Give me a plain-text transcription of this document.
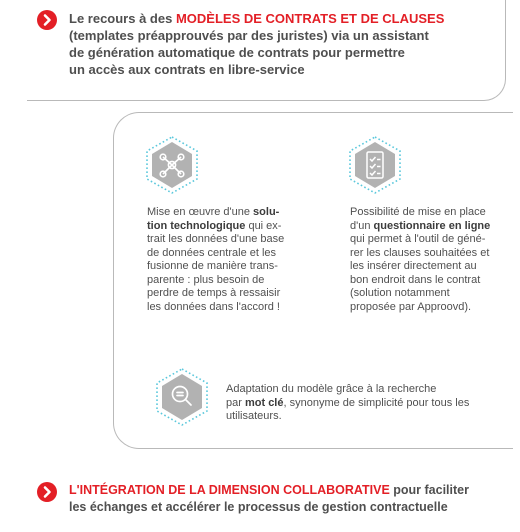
Le recours à des MODÈLES DE CONTRATS ET DE CLAUSES
(templates préapprouvés par des juristes) via un assistant
de génération automatique de contrats pour permettre
un accès aux contrats en libre-service

Mise en œuvre d'une solu-
tion technologique qui ex-
trait les données d'une base
de données centrale et les
fusionne de manière trans-
parente : plus besoin de
perdre de temps à ressaisir
les données dans l'accord !

Possibilité de mise en place
d'un questionnaire en ligne
qui permet à l'outil de géné-
rer les clauses souhaitées et
les insérer directement au
bon endroit dans le contrat
(solution notamment
proposée par Approovd).

Adaptation du modèle grâce à la recherche
par mot clé, synonyme de simplicité pour tous les
utilisateurs.

L'INTÉGRATION DE LA DIMENSION COLLABORATIVE pour faciliter
les échanges et accélérer le processus de gestion contractuelle
